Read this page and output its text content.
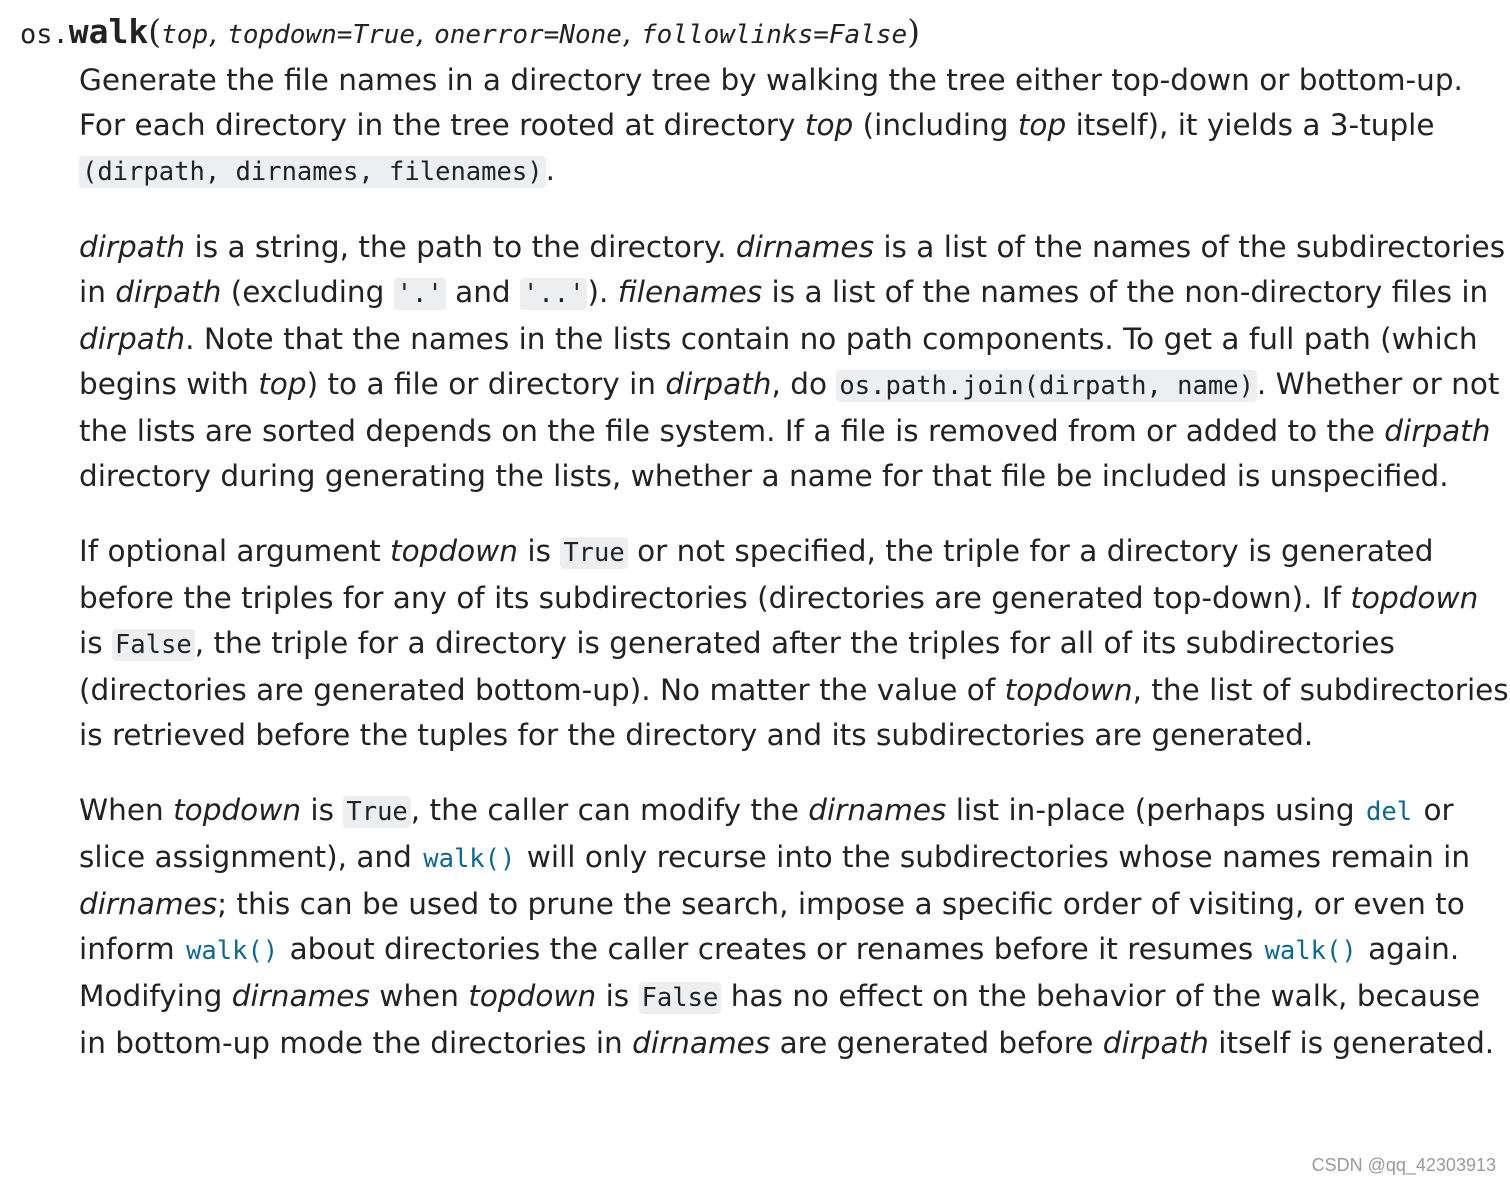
os.walk(top, topdown=True, onerror=None, followlinks=False)

Generate the file names in a directory tree by walking the tree either top-down or bottom-up. For each directory in the tree rooted at directory top (including top itself), it yields a 3-tuple (dirpath, dirnames, filenames) .

dirpath is a string, the path to the directory. dirnames is a list of the names of the subdirectories in dirpath (excluding '.' and '..' ). filenames is a list of the names of the non-directory files in dirpath. Note that the names in the lists contain no path components. To get a full path (which begins with top) to a file or directory in dirpath, do os.path.join(dirpath, name) . Whether or not the lists are sorted depends on the file system. If a file is removed from or added to the dirpath directory during generating the lists, whether a name for that file be included is unspecified.

If optional argument topdown is True or not specified, the triple for a directory is generated before the triples for any of its subdirectories (directories are generated top-down). If topdown is False , the triple for a directory is generated after the triples for all of its subdirectories (directories are generated bottom-up). No matter the value of topdown, the list of subdirectories is retrieved before the tuples for the directory and its subdirectories are generated.

When topdown is True , the caller can modify the dirnames list in-place (perhaps using del or slice assignment), and walk() will only recurse into the subdirectories whose names remain in dirnames; this can be used to prune the search, impose a specific order of visiting, or even to inform walk() about directories the caller creates or renames before it resumes walk() again. Modifying dirnames when topdown is False has no effect on the behavior of the walk, because in bottom-up mode the directories in dirnames are generated before dirpath itself is generated.

CSDN @qq_42303913
